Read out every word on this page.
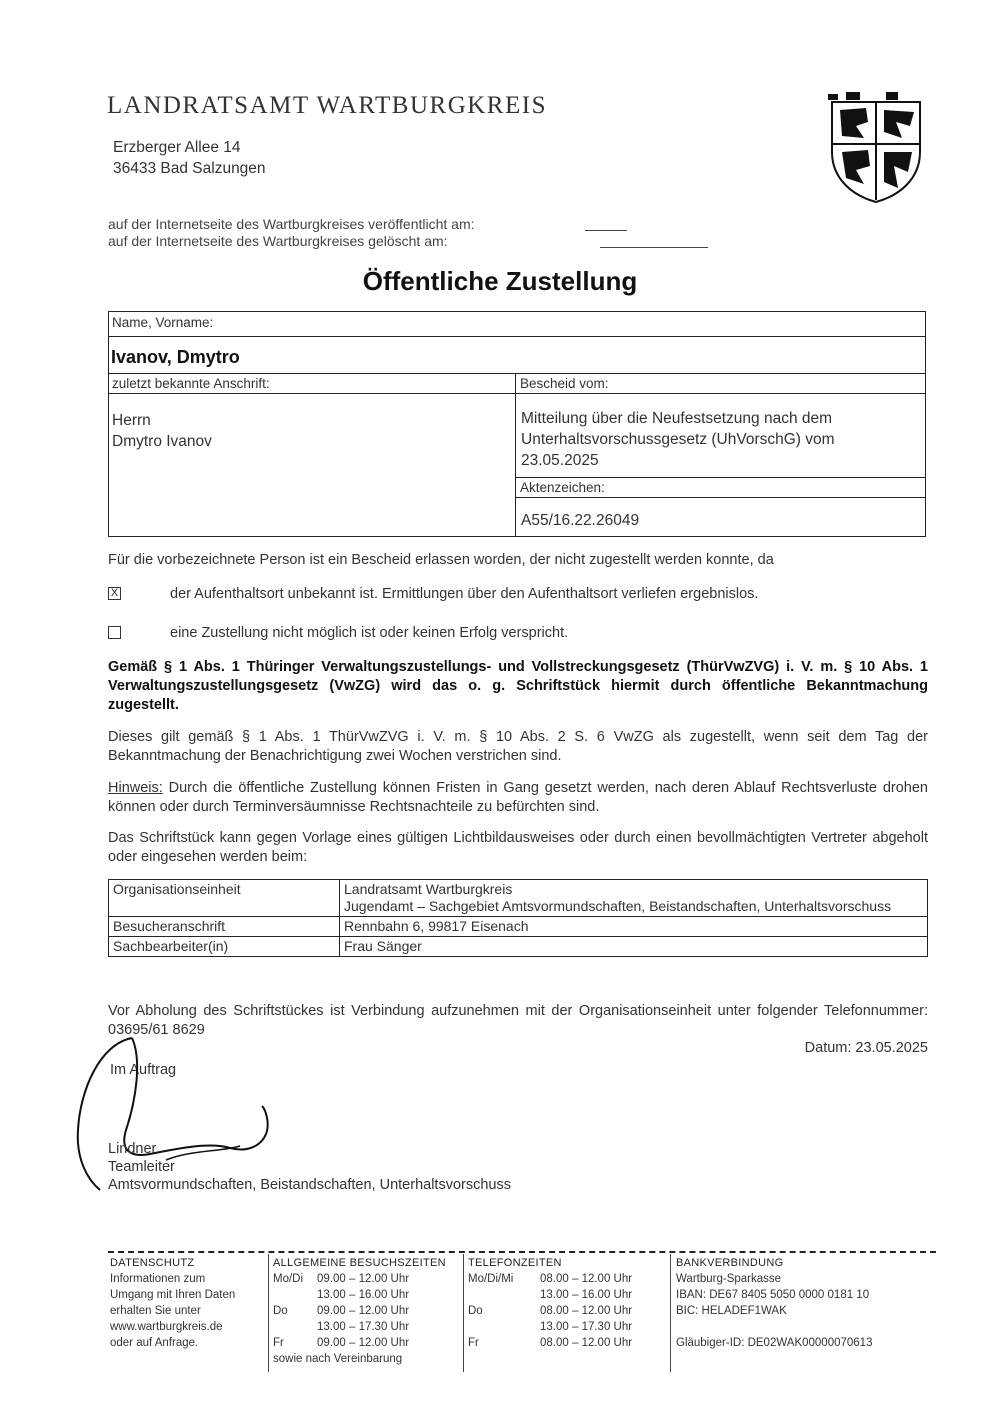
LANDRATSAMT WARTBURGKREIS
Erzberger Allee 14
36433 Bad Salzungen
auf der Internetseite des Wartburgkreises veröffentlicht am:
auf der Internetseite des Wartburgkreises gelöscht am:
Öffentliche Zustellung
Name, Vorname:
Ivanov, Dmytro
zuletzt bekannte Anschrift:	Bescheid vom:
Herrn
Dmytro Ivanov
Mitteilung über die Neufestsetzung nach dem Unterhaltsvorschussgesetz (UhVorschG) vom 23.05.2025
Aktenzeichen:
A55/16.22.26049
Für die vorbezeichnete Person ist ein Bescheid erlassen worden, der nicht zugestellt werden konnte, da
X	der Aufenthaltsort unbekannt ist. Ermittlungen über den Aufenthaltsort verliefen ergebnislos.
eine Zustellung nicht möglich ist oder keinen Erfolg verspricht.
Gemäß § 1 Abs. 1 Thüringer Verwaltungszustellungs- und Vollstreckungsgesetz (ThürVwZVG) i. V. m. § 10 Abs. 1 Verwaltungszustellungsgesetz (VwZG) wird das o. g. Schriftstück hiermit durch öffentliche Bekanntmachung zugestellt.
Dieses gilt gemäß § 1 Abs. 1 ThürVwZVG i. V. m. § 10 Abs. 2 S. 6 VwZG als zugestellt, wenn seit dem Tag der Bekanntmachung der Benachrichtigung zwei Wochen verstrichen sind.
Hinweis: Durch die öffentliche Zustellung können Fristen in Gang gesetzt werden, nach deren Ablauf Rechtsverluste drohen können oder durch Terminversäumnisse Rechtsnachteile zu befürchten sind.
Das Schriftstück kann gegen Vorlage eines gültigen Lichtbildausweises oder durch einen bevollmächtigten Vertreter abgeholt oder eingesehen werden beim:
Organisationseinheit	Landratsamt Wartburgkreis
Jugendamt – Sachgebiet Amtsvormundschaften, Beistandschaften, Unterhaltsvorschuss

Besucheranschrift	Rennbahn 6, 99817 Eisenach
Sachbearbeiter(in)	Frau Sänger
Vor Abholung des Schriftstückes ist Verbindung aufzunehmen mit der Organisationseinheit unter folgender Telefonnummer: 03695/61 8629
Datum: 23.05.2025
Im Auftrag
Lindner
Teamleiter
Amtsvormundschaften, Beistandschaften, Unterhaltsvorschuss
DATENSCHUTZ
Informationen zum
Umgang mit Ihren Daten
erhalten Sie unter
www.wartburgkreis.de
oder auf Anfrage.
ALLGEMEINE BESUCHSZEITEN
Mo/Di 09.00 – 12.00 Uhr
13.00 – 16.00 Uhr
Do	09.00 – 12.00 Uhr
13.00 – 17.30 Uhr
Fr	09.00 – 12.00 Uhr
sowie nach Vereinbarung
TELEFONZEITEN
Mo/Di/Mi 08.00 – 12.00 Uhr
13.00 – 16.00 Uhr
Do	08.00 – 12.00 Uhr
13.00 – 17.30 Uhr
Fr	08.00 – 12.00 Uhr
BANKVERBINDUNG
Wartburg-Sparkasse
IBAN: DE67 8405 5050 0000 0181 10
BIC: HELADEF1WAK
Gläubiger-ID: DE02WAK00000070613
